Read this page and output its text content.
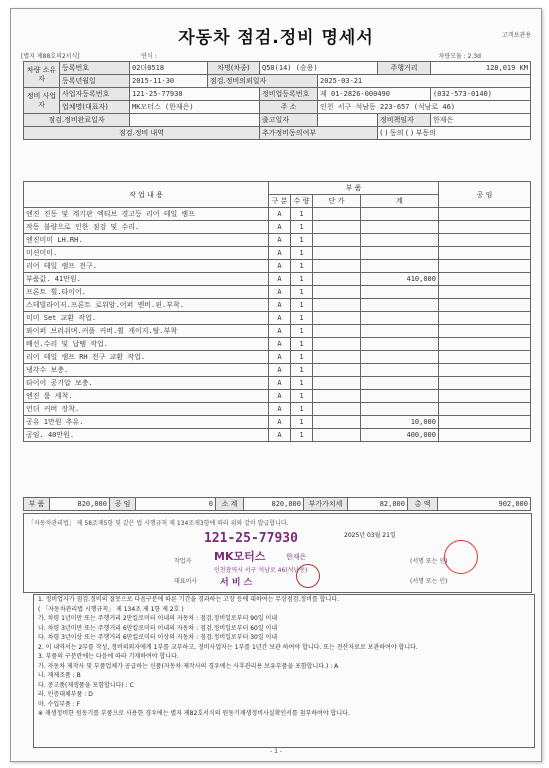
자동차 점검.정비 명세서	고객보관용
[별지 제88호의2서식]	연식 :	차량모듈 : 2.3d
차량 소유자	등록번호	02더0518	차명(차종)	Q50(14) (승용)		주행거리	128,019 KM
	등록년월일	2015-11-30	점검.정비의뢰일자		2025-03-21		
정비 사업자	사업자등록번호	121-25-77930		정비업등록번호	제 01-2826-000490		(032-573-0140)
	업체명(대표자)	MK모터스 (한재은)		주 소	인천 서구 석남동 223-657 (석남로 46)		
점검.정비완료일자				출고일자		정비책임자	한재은
점검.정비 내역				추가정비동의여부		( ) 동의 ( ) 부동의	
작 업 내 용	부 품				공 임
	구 분	수 량	단 가	계	
엔진 진동 및 계기판 엑티브 경고등 리어 테일 램프	A	1			
작동 불량으로 인한 점검 및 수리.	A	1			
엔진미미 LH.RH.	A	1			
미션미미.	A	1			
리어 테일 램프 전구.	A	1			
부품값. 41만원.	A	1		410,000	
프론트 휠.타이어.	A	1			
스테빌라이저.프론트 로워암.어퍼 엔비.핀.부착.	A	1			
미미 Set 교환 작업.	A	1			
와이퍼 브러쉬며.커플 커버.휠 게이지.탈.부착	A	1			
배선.수리 및 납땜 작업.	A	1			
리어 테일 램프 RH 전구 교환 작업.	A	1			
냉각수 보충.	A	1			
타이어 공기압 보충.	A	1			
엔진 룸 세척.	A	1			
언더 커버 장착.	A	1			
공유 1만원 추유.	A	1		10,000	
공임. 40만원.	A	1		400,000	
부 품	820,000	공 임	0	소 계	820,000	부가가치세	82,000	총 액	902,000
「자동차관리법」 제 58조제5항 및 같은 법 시행규칙 제 134조제3항에 따라 위와 같이 발급합니다.
2025년 03월 21일
121-25-77930
작업자 MK모터스	한재은
(서명 또는 인)
대표이사
인천광역시 서구 석남로 46(석남동)
서 비 스	(서명 또는 인)
1. 정비업자가 점검.정비의 잘못으로 다음구분에 따른 기간을 경과하는 고장 등에 대하여는 무상점검.정비를 합니다.
( 「자동차관리법 시행규칙」 제 134조 제 1항 제 2호 )
가. 차령 1년미만 또는 주행거리 2만킬로미터 이내의 자동차 : 점검.정비일로부터 90일 이내
나. 차령 3년미만 또는 주행거리 6만킬로미터 이내의 자동차 : 점검.정비일로부터 60일 이내
다. 차령 3년이상 또는 주행거리 6만킬로미터 이상의 자동차 : 점검.정비일로부터 30일 이내
2. 이 내역서는 2부를 작성, 정비의뢰자에게 1부를 교부하고, 정비사업자는 1부를 1년간 보관 하여야 합니다. 또는 전산자료로 보관하여야 합니다.
3. 부품의 구분란에는 다음에 따라 기재하여야 합니다.
가. 자동차 제작사 및 부품업체가 공급하는 신품(자동차 제작사의 경우에는 사후관리용 보유부품을 포함합니다.) : A
나. 재제조품 : B
다. 중고품(재생품을 포함합니다) : C
라. 인증대체부품 : D
마. 수입부품 : F
※ 재생정비한 원동기를 부품으로 사용한 경우에는 별지 제82호서식의 원동기재생정비사실확인서를 첨부하여야 합니다.
- 1 -
